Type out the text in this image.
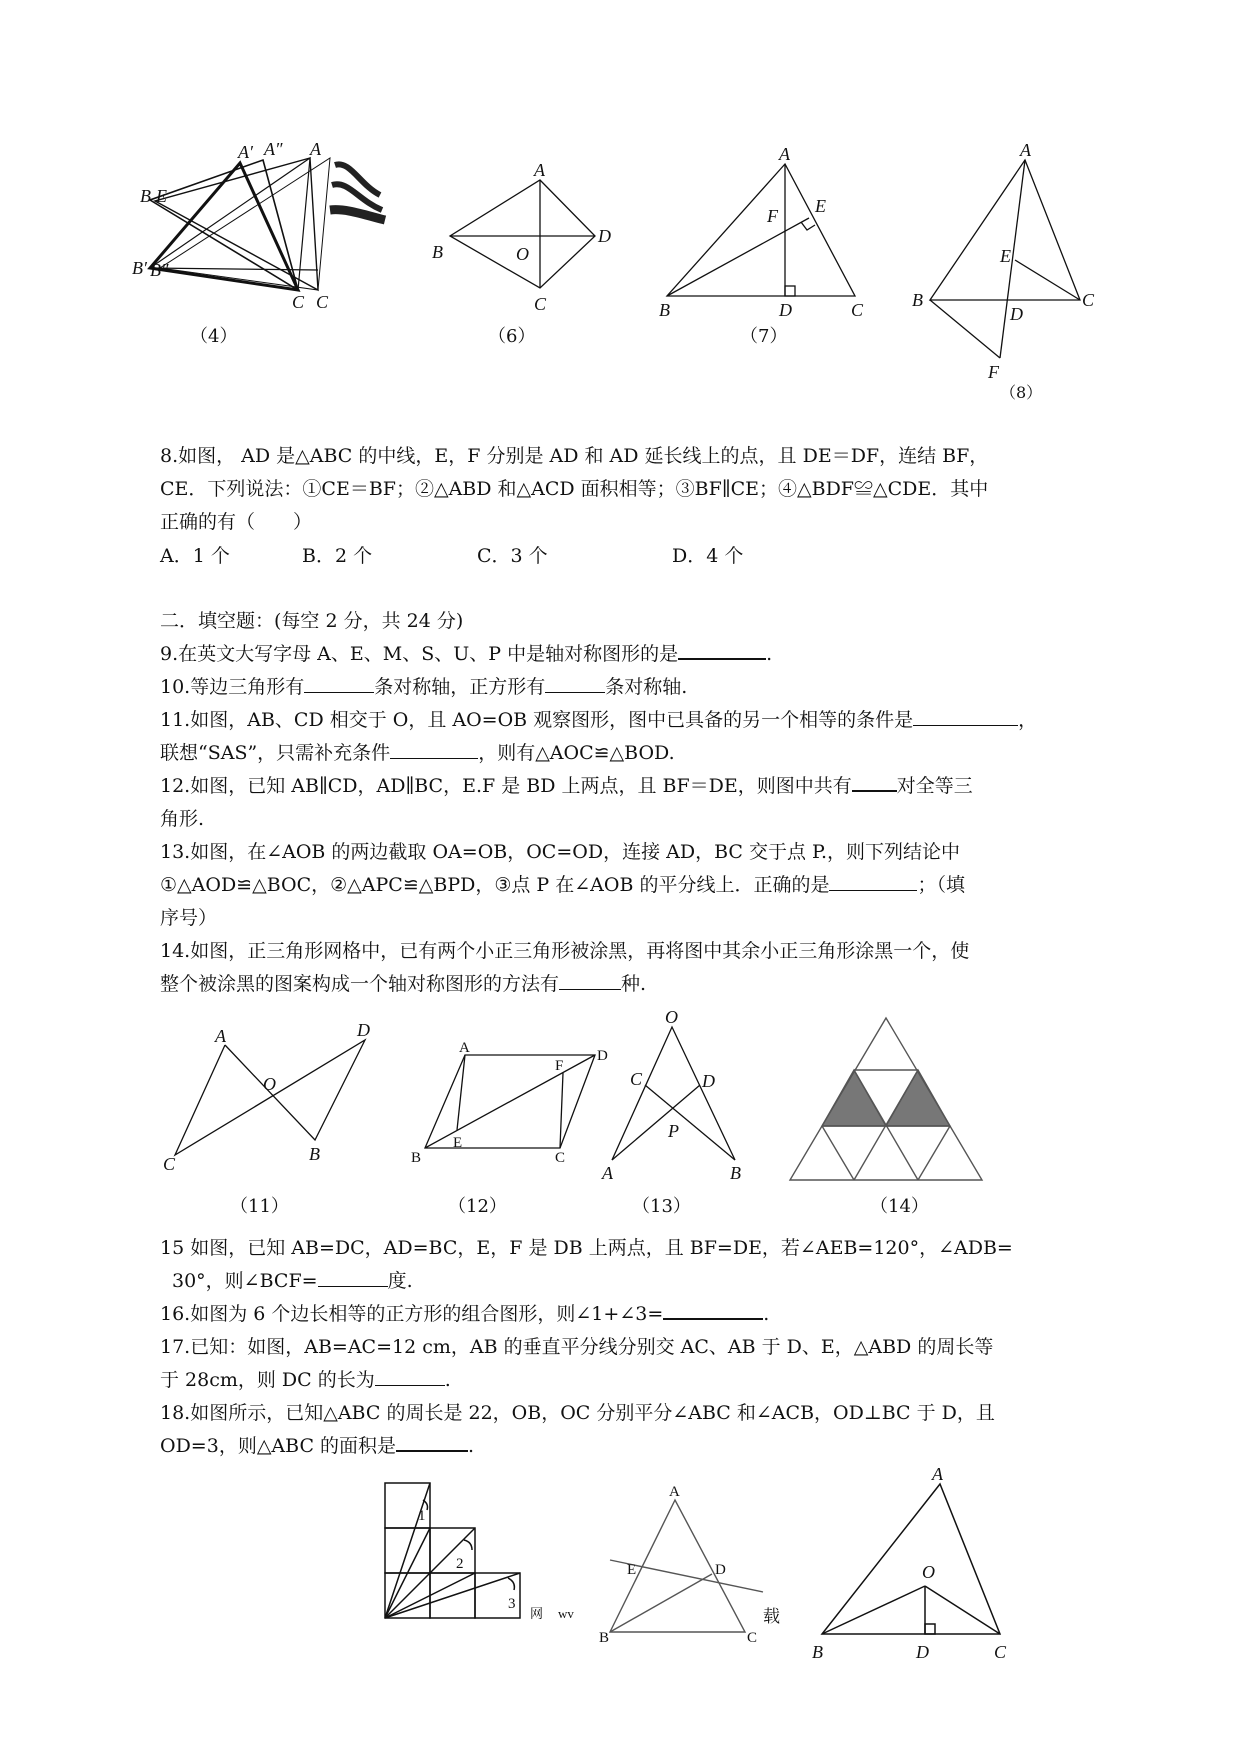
A′ A″ A
B E
B′ B″
C C
（4）
A
B	O
D
C
（6）
A
F E
B	D	C
（7）
A
E
B
D
C
F
（8）
8.如图， AD 是△ABC 的中线，E，F 分别是 AD 和 AD 延长线上的点，且 DE＝DF，连结 BF，
CE．下列说法：①CE＝BF；②△ABD 和△ACD 面积相等；③BF∥CE；④△BDF≌△CDE．其中
正确的有（　　）
A．1 个	B．2 个	C．3 个	D．4 个
二．填空题：(每空 2 分，共 24 分)
9.在英文大写字母 A、E、M、S、U、P 中是轴对称图形的是	.
10.等边三角形有	条对称轴，正方形有	条对称轴.
11.如图，AB、CD 相交于 O，且 AO=OB 观察图形，图中已具备的另一个相等的条件是	，
联想“SAS”，只需补充条件	，则有△AOC≌△BOD.
12.如图，已知 AB∥CD，AD∥BC，E.F 是 BD 上两点，且 BF＝DE，则图中共有 对全等三
角形.
13.如图，在∠AOB 的两边截取 OA=OB，OC=OD，连接 AD，BC 交于点 P.，则下列结论中
①△AOD≌△BOC，②△APC≌△BPD，③点 P 在∠AOB 的平分线上．正确的是	；（填
序号）
14.如图，正三角形网格中，已有两个小正三角形被涂黑，再将图中其余小正三角形涂黑一个，使
整个被涂黑的图案构成一个轴对称图形的方法有	种.
A
O
D
C	B
（11）
A
F
D
B
E
C
（12）
O
C	D
P
A	B
（13）	（14）
15 如图，已知 AB=DC，AD=BC，E，F 是 DB 上两点，且 BF=DE，若∠AEB=120°，∠ADB=
30°，则∠BCF=	度.
16.如图为 6 个边长相等的正方形的组合图形，则∠1+∠3=	.
17.已知：如图，AB=AC=12 cm，AB 的垂直平分线分别交 AC、AB 于 D、E，△ABD 的周长等
于 28cm，则 DC 的长为	.
18.如图所示，已知△ABC 的周长是 22，OB，OC 分别平分∠ABC 和∠ACB，OD⊥BC 于 D，且
OD=3，则△ABC 的面积是	.
1
2
3
网 wv
A
E	D
B	C
载
A
O
B	D	C
